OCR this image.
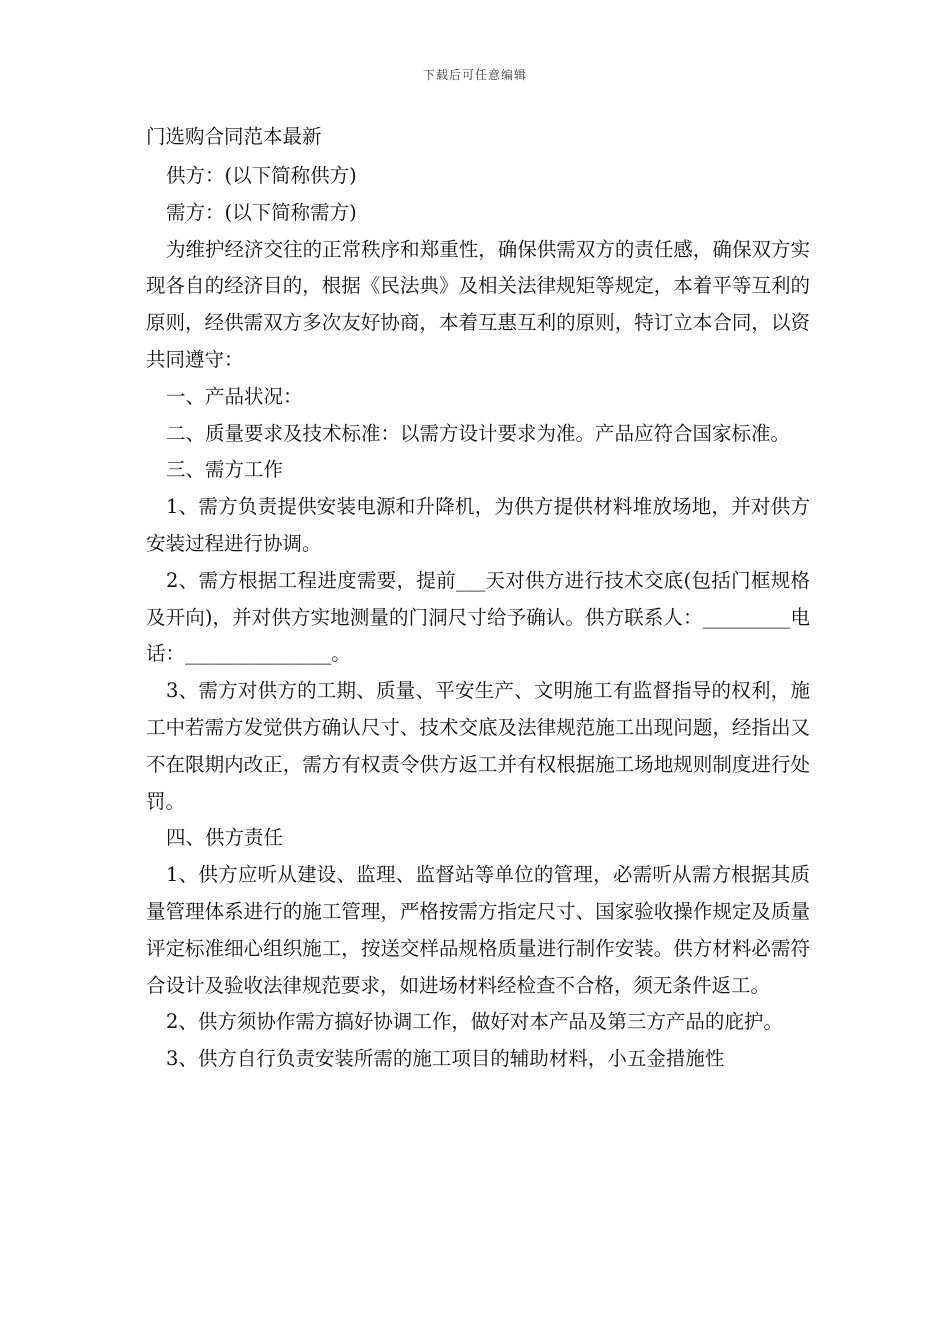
下载后可任意编辑
门选购合同范本最新

供方：(以下简称供方)

需方：(以下简称需方)

为维护经济交往的正常秩序和郑重性，确保供需双方的责任感，确保双方实现各自的经济目的，根据《民法典》及相关法律规矩等规定，本着平等互利的原则，经供需双方多次友好协商，本着互惠互利的原则，特订立本合同，以资共同遵守：

一、产品状况：

二、质量要求及技术标准：以需方设计要求为准。产品应符合国家标准。

三、需方工作

1、需方负责提供安装电源和升降机，为供方提供材料堆放场地，并对供方安装过程进行协调。

2、需方根据工程进度需要，提前___天对供方进行技术交底(包括门框规格及开向)，并对供方实地测量的门洞尺寸给予确认。供方联系人：_________电话：_______________。

3、需方对供方的工期、质量、平安生产、文明施工有监督指导的权利，施工中若需方发觉供方确认尺寸、技术交底及法律规范施工出现问题，经指出又不在限期内改正，需方有权责令供方返工并有权根据施工场地规则制度进行处罚。

四、供方责任

1、供方应听从建设、监理、监督站等单位的管理，必需听从需方根据其质量管理体系进行的施工管理，严格按需方指定尺寸、国家验收操作规定及质量评定标准细心组织施工，按送交样品规格质量进行制作安装。供方材料必需符合设计及验收法律规范要求，如进场材料经检查不合格，须无条件返工。

2、供方须协作需方搞好协调工作，做好对本产品及第三方产品的庇护。

3、供方自行负责安装所需的施工项目的辅助材料，小五金措施性
